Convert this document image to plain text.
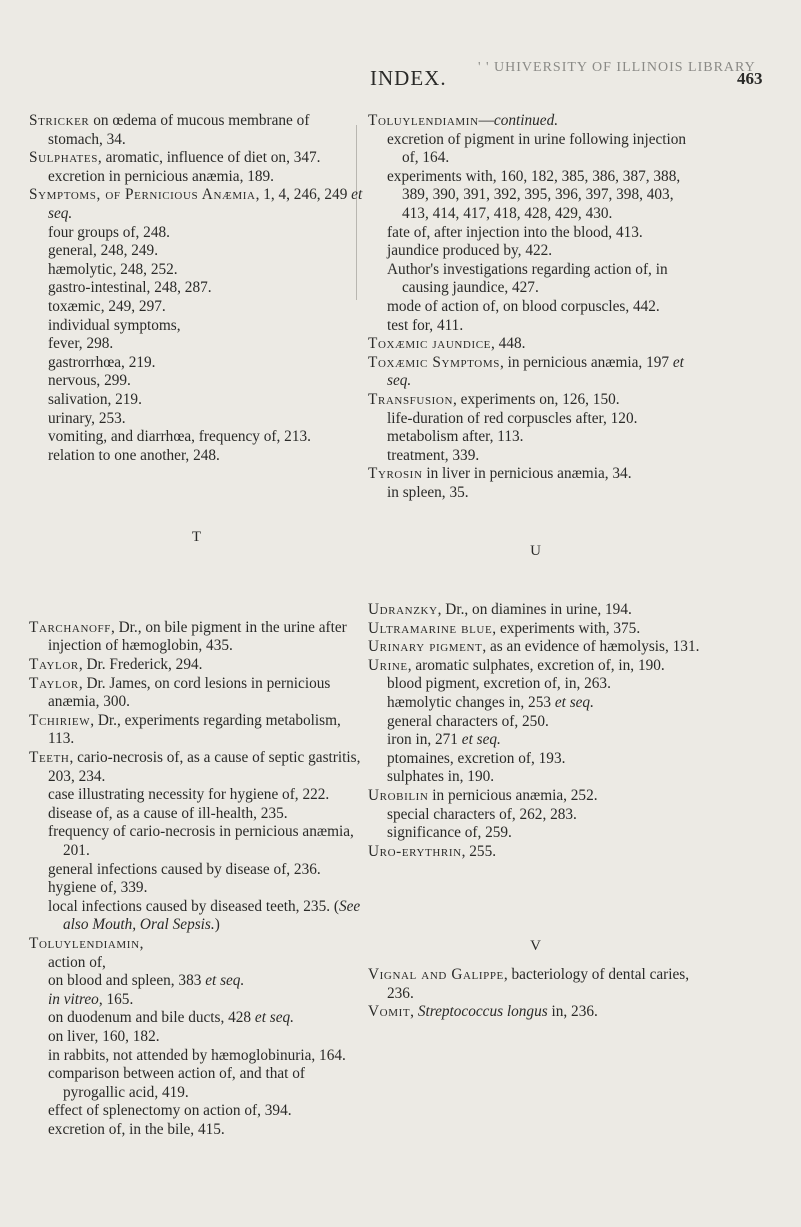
INDEX. ' ' UHIVERSITY OF ILLINOIS LIBRARY
463

Stricker on œdema of mucous membrane of stomach, 34.

Sulphates, aromatic, influence of diet on, 347.

excretion in pernicious anæmia, 189.

Symptoms, of Pernicious Anæmia, 1, 4, 246, 249 et seq.

four groups of, 248.

general, 248, 249.

hæmolytic, 248, 252.

gastro-intestinal, 248, 287.

toxæmic, 249, 297.

individual symptoms,

fever, 298.

gastrorrhœa, 219.

nervous, 299.

salivation, 219.

urinary, 253.

vomiting, and diarrhœa, frequency of, 213.

relation to one another, 248.

T

Tarchanoff, Dr., on bile pigment in the urine after injection of hæmoglobin, 435.

Taylor, Dr. Frederick, 294.

Taylor, Dr. James, on cord lesions in pernicious anæmia, 300.

Tchiriew, Dr., experiments regarding metabolism, 113.

Teeth, cario-necrosis of, as a cause of septic gastritis, 203, 234.

case illustrating necessity for hygiene of, 222.

disease of, as a cause of ill-health, 235.

frequency of cario-necrosis in pernicious anæmia, 201.

general infections caused by disease of, 236.

hygiene of, 339.

local infections caused by diseased teeth, 235. (See also Mouth, Oral Sepsis.)

Toluylendiamin,

action of,

on blood and spleen, 383 et seq.

in vitreo, 165.

on duodenum and bile ducts, 428 et seq.

on liver, 160, 182.

in rabbits, not attended by hæmoglobinuria, 164.

comparison between action of, and that of pyrogallic acid, 419.

effect of splenectomy on action of, 394.

excretion of, in the bile, 415.

Toluylendiamin—continued.

excretion of pigment in urine following injection of, 164.

experiments with, 160, 182, 385, 386, 387, 388, 389, 390, 391, 392, 395, 396, 397, 398, 403, 413, 414, 417, 418, 428, 429, 430.

fate of, after injection into the blood, 413.

jaundice produced by, 422.

Author's investigations regarding action of, in causing jaundice, 427.

mode of action of, on blood corpuscles, 442.

test for, 411.

Toxæmic jaundice, 448.

Toxæmic Symptoms, in pernicious anæmia, 197 et seq.

Transfusion, experiments on, 126, 150.

life-duration of red corpuscles after, 120.

metabolism after, 113.

treatment, 339.

Tyrosin in liver in pernicious anæmia, 34.

in spleen, 35.

U

Udranzky, Dr., on diamines in urine, 194.

Ultramarine blue, experiments with, 375.

Urinary pigment, as an evidence of hæmolysis, 131.

Urine, aromatic sulphates, excretion of, in, 190.

blood pigment, excretion of, in, 263.

hæmolytic changes in, 253 et seq.

general characters of, 250.

iron in, 271 et seq.

ptomaines, excretion of, 193.

sulphates in, 190.

Urobilin in pernicious anæmia, 252.

special characters of, 262, 283.

significance of, 259.

Uro-erythrin, 255.

V

Vignal and Galippe, bacteriology of dental caries, 236.

Vomit, Streptococcus longus in, 236.
